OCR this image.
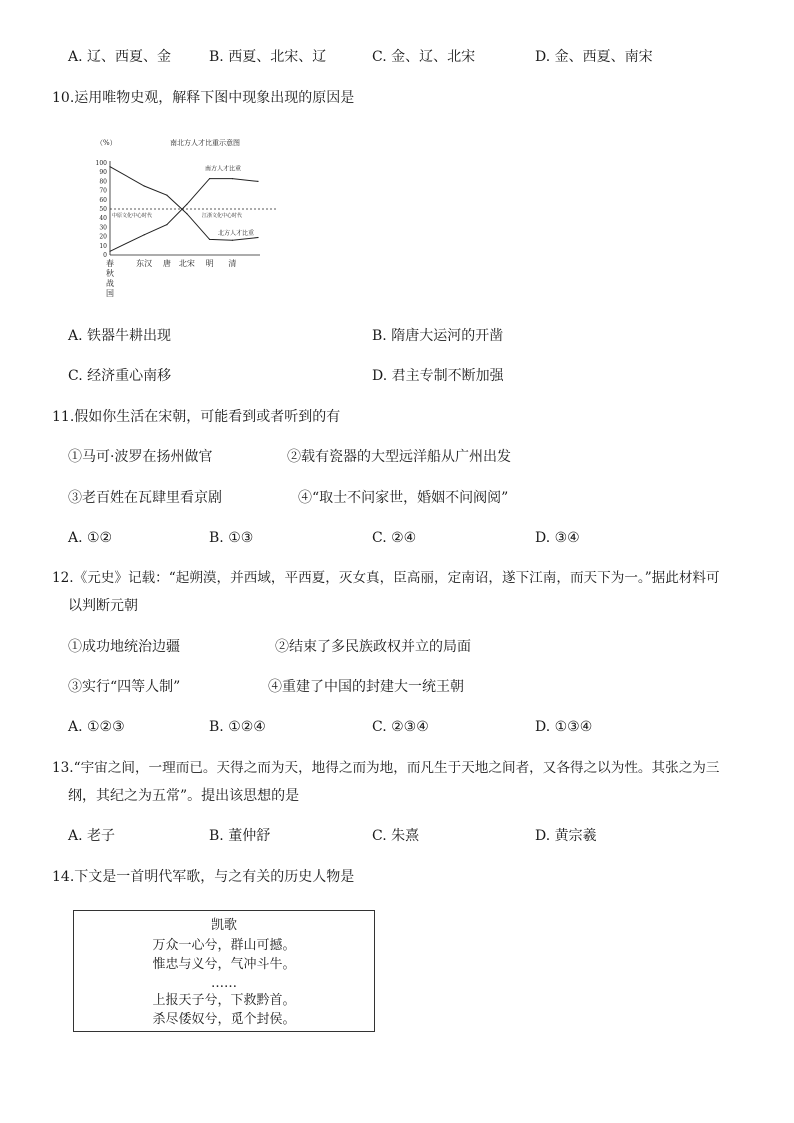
A. 辽、西夏、金	B. 西夏、北宋、辽	C. 金、辽、北宋	D. 金、西夏、南宋
10.运用唯物史观，解释下图中现象出现的原因是
南北方人才比重示意图
（%）
0
10
20
30
40
50
60
70
80
90
100
春
秋
战
国
东汉 唐 北宋 明 清
中原文化中心时代	江浙文化中心时代
南方人才比重
北方人才比重
A. 铁器牛耕出现	B. 隋唐大运河的开凿
C. 经济重心南移	D. 君主专制不断加强
11.假如你生活在宋朝，可能看到或者听到的有
①马可·波罗在扬州做官	②载有瓷器的大型远洋船从广州出发
③老百姓在瓦肆里看京剧	④“取士不问家世，婚姻不问阀阅”
A. ①②	B. ①③	C. ②④	D. ③④
12.《元史》记载：“起朔漠，并西域，平西夏，灭女真，臣高丽，定南诏，遂下江南，而天下为一。”据此材料可
以判断元朝
①成功地统治边疆	②结束了多民族政权并立的局面
③实行“四等人制”	④重建了中国的封建大一统王朝
A. ①②③	B. ①②④	C. ②③④	D. ①③④
13.“宇宙之间，一理而已。天得之而为天，地得之而为地，而凡生于天地之间者，又各得之以为性。其张之为三
纲，其纪之为五常”。提出该思想的是
A. 老子	B. 董仲舒	C. 朱熹	D. 黄宗羲
14.下文是一首明代军歌，与之有关的历史人物是
凯歌
万众一心兮，群山可撼。
惟忠与义兮，气冲斗牛。
……
上报天子兮，下救黔首。
杀尽倭奴兮，觅个封侯。
